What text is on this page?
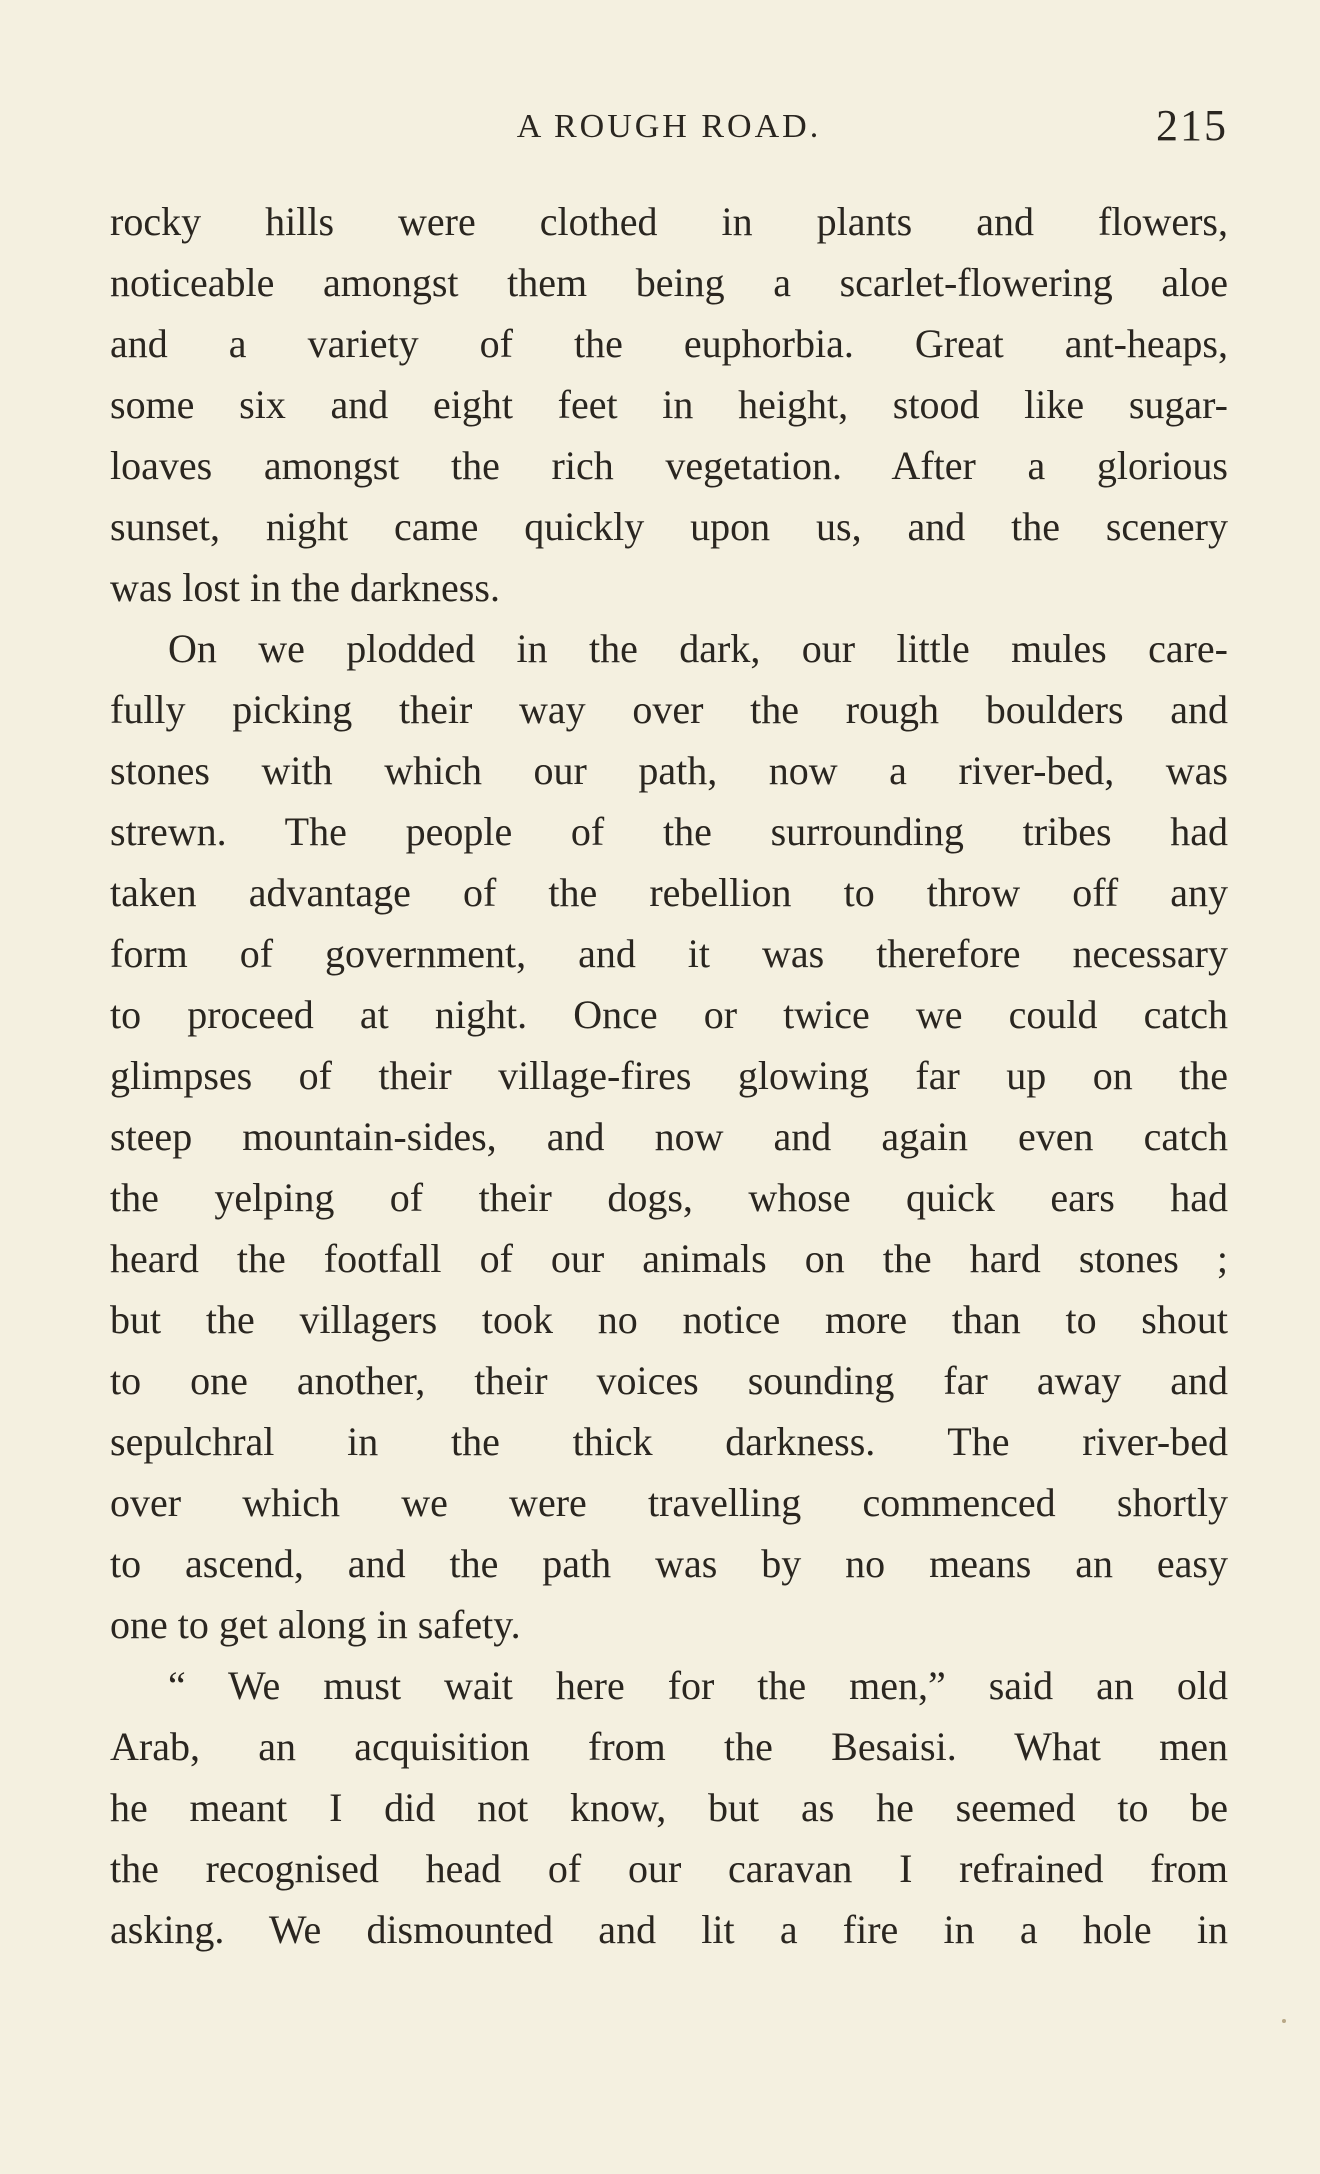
A ROUGH ROAD.	215
rocky hills were clothed in plants and flowers,
noticeable amongst them being a scarlet-flowering aloe
and a variety of the euphorbia. Great ant-heaps,
some six and eight feet in height, stood like sugar-
loaves amongst the rich vegetation. After a glorious
sunset, night came quickly upon us, and the scenery
was lost in the darkness.
On we plodded in the dark, our little mules care-
fully picking their way over the rough boulders and
stones with which our path, now a river-bed, was
strewn. The people of the surrounding tribes had
taken advantage of the rebellion to throw off any
form of government, and it was therefore necessary
to proceed at night. Once or twice we could catch
glimpses of their village-fires glowing far up on the
steep mountain-sides, and now and again even catch
the yelping of their dogs, whose quick ears had
heard the footfall of our animals on the hard stones ;
but the villagers took no notice more than to shout
to one another, their voices sounding far away and
sepulchral in the thick darkness. The river-bed
over which we were travelling commenced shortly
to ascend, and the path was by no means an easy
one to get along in safety.
“ We must wait here for the men,” said an old
Arab, an acquisition from the Besaisi. What men
he meant I did not know, but as he seemed to be
the recognised head of our caravan I refrained from
asking. We dismounted and lit a fire in a hole in
